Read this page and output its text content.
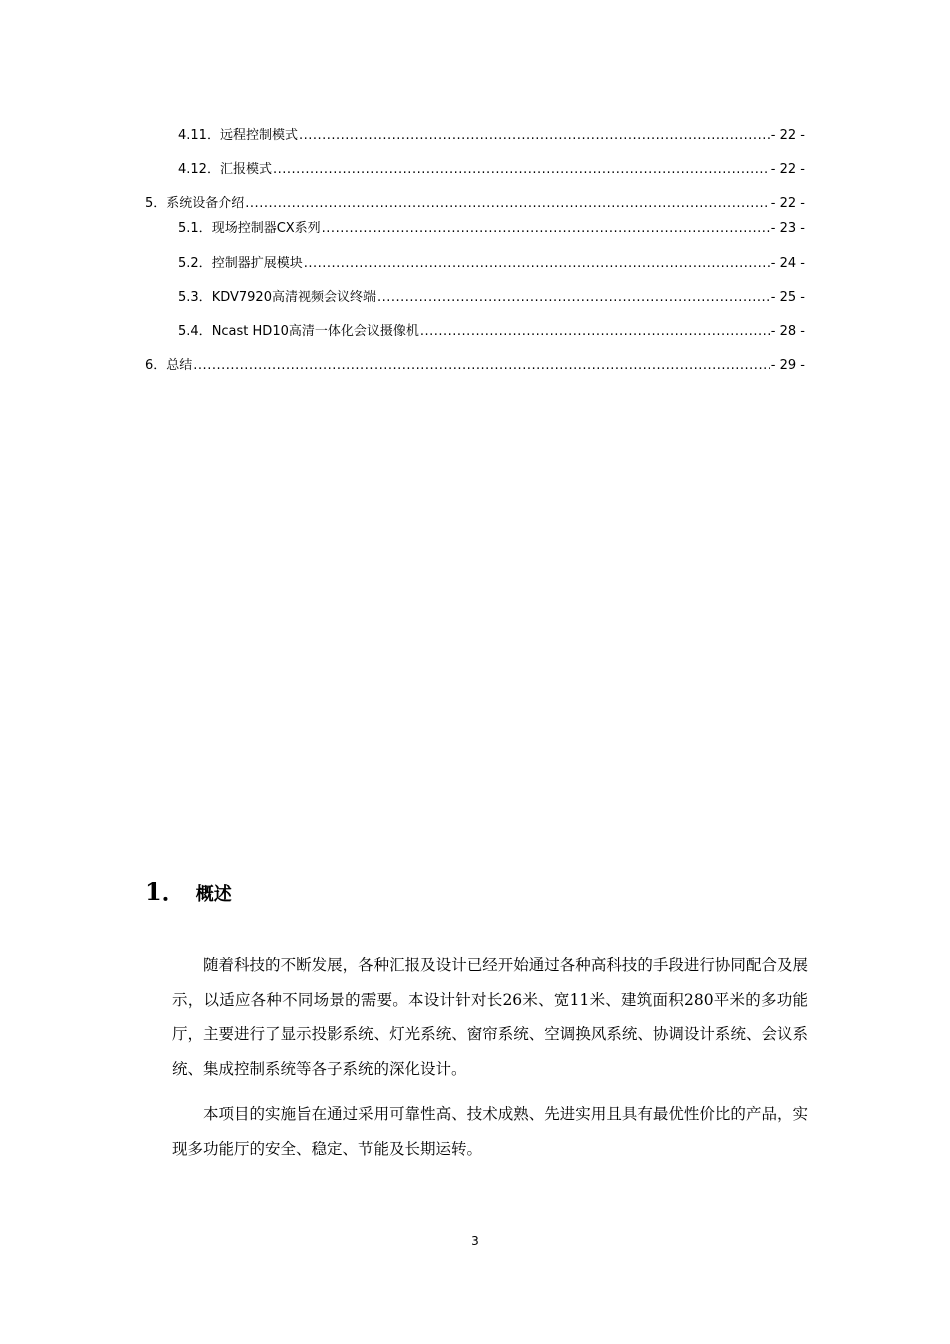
4.11． 远程控制模式 .....	- 22 -
4.12． 汇报模式 .....	- 22 -
5． 系统设备介绍 .....	- 22 -
5.1． 现场控制器CX系列 .....	- 23 -
5.2． 控制器扩展模块 .....	- 24 -
5.3． KDV7920高清视频会议终端 .....	- 25 -
5.4． Ncast HD10高清一体化会议摄像机 .....	- 28 -
6． 总结 .....	- 29 -
1． 概述

随着科技的不断发展，各种汇报及设计已经开始通过各种高科技的手段进行协同配合及展示，以适应各种不同场景的需要。本设计针对长26米、宽11米、建筑面积280平米的多功能厅，主要进行了显示投影系统、灯光系统、窗帘系统、空调换风系统、协调设计系统、会议系统、集成控制系统等各子系统的深化设计。

本项目的实施旨在通过采用可靠性高、技术成熟、先进实用且具有最优性价比的产品，实现多功能厅的安全、稳定、节能及长期运转。

3
